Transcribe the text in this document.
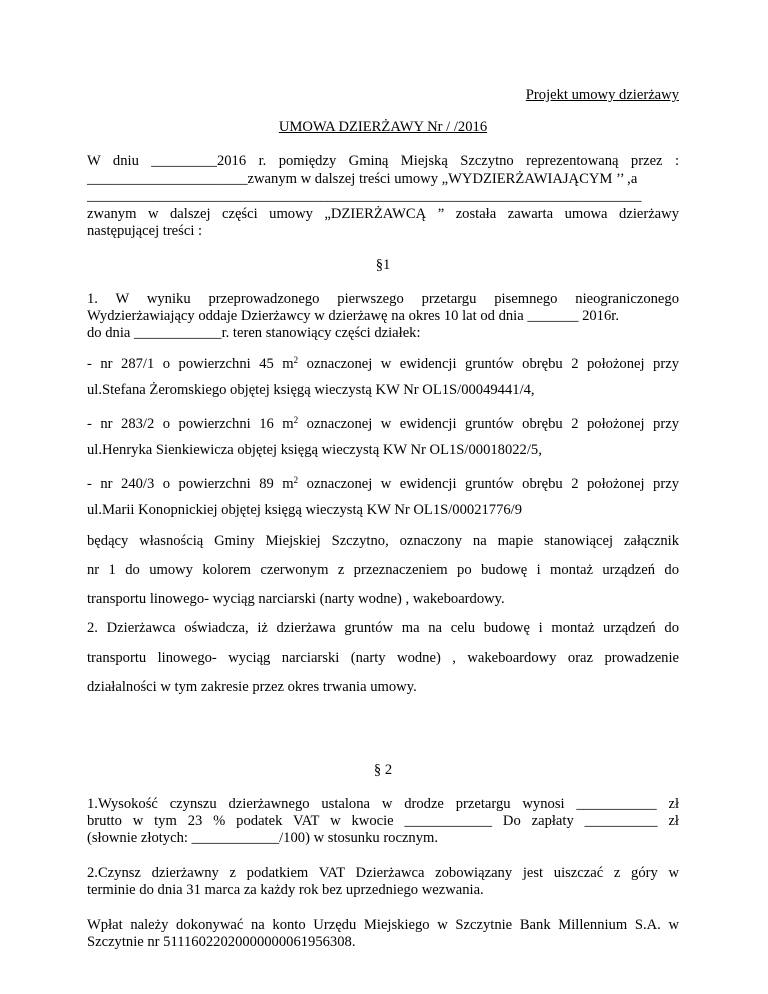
Projekt umowy dzierżawy
UMOWA DZIERŻAWY Nr / /2016
W dniu _________2016 r. pomiędzy Gminą Miejską Szczytno reprezentowaną przez :
______________________zwanym w dalszej treści umowy „WYDZIERŻAWIAJĄCYM ’’ ,a
____________________________________________________________________________
zwanym w dalszej części umowy „DZIERŻAWCĄ ” została zawarta umowa dzierżawy
następującej treści :
§1
1. W wyniku przeprowadzonego pierwszego przetargu pisemnego nieograniczonego
Wydzierżawiający oddaje Dzierżawcy w dzierżawę na okres 10 lat od dnia _______ 2016r.
do dnia ____________r. teren stanowiący części działek:
- nr 287/1 o powierzchni 45 $m^2$ oznaczonej w ewidencji gruntów obrębu 2 położonej przy
ul.Stefana Żeromskiego objętej księgą wieczystą KW Nr OL1S/00049441/4,
- nr 283/2 o powierzchni 16 $m^2$ oznaczonej w ewidencji gruntów obrębu 2 położonej przy
ul.Henryka Sienkiewicza objętej księgą wieczystą KW Nr OL1S/00018022/5,
- nr 240/3 o powierzchni 89 $m^2$ oznaczonej w ewidencji gruntów obrębu 2 położonej przy
ul.Marii Konopnickiej objętej księgą wieczystą KW Nr OL1S/00021776/9
będący własnością Gminy Miejskiej Szczytno, oznaczony na mapie stanowiącej załącznik
nr 1 do umowy kolorem czerwonym z przeznaczeniem po budowę i montaż urządzeń do
transportu linowego- wyciąg narciarski (narty wodne) , wakeboardowy.
2. Dzierżawca oświadcza, iż dzierżawa gruntów ma na celu budowę i montaż urządzeń do
transportu linowego- wyciąg narciarski (narty wodne) , wakeboardowy oraz prowadzenie
działalności w tym zakresie przez okres trwania umowy.
§ 2
1.Wysokość czynszu dzierżawnego ustalona w drodze przetargu wynosi ___________ zł
brutto w tym 23 % podatek VAT w kwocie ____________ Do zapłaty __________ zł
(słownie złotych: ____________/100) w stosunku rocznym.
2.Czynsz dzierżawny z podatkiem VAT Dzierżawca zobowiązany jest uiszczać z góry w
terminie do dnia 31 marca za każdy rok bez uprzedniego wezwania.
Wpłat należy dokonywać na konto Urzędu Miejskiego w Szczytnie Bank Millennium S.A. w
Szczytnie nr 51116022020000000061956308.
